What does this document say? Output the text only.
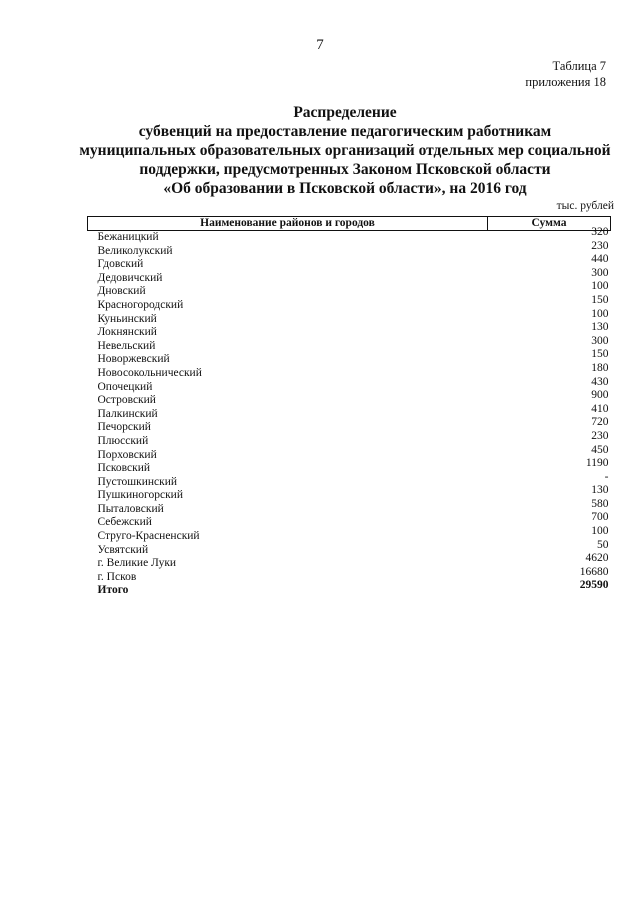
7
Таблица 7
приложения 18
Распределение
субвенций на предоставление педагогическим работникам
муниципальных образовательных организаций отдельных мер социальной
поддержки, предусмотренных Законом Псковской области
«Об образовании в Псковской области», на 2016 год
тыс. рублей
Наименование районов и городов	Сумма
Бежаницкий	320
Великолукский	230
Гдовский	440
Дедовичский	300
Дновский	100
Красногородский	150
Куньинский	100
Локнянский	130
Невельский	300
Новоржевский	150
Новосокольнический	180
Опочецкий	430
Островский	900
Палкинский	410
Печорский	720
Плюсский	230
Порховский	450
Псковский	1190
Пустошкинский	-
Пушкиногорский	130
Пыталовский	580
Себежский	700
Струго-Красненский	100
Усвятский	50
г. Великие Луки	4620
г. Псков	16680
Итого	29590
